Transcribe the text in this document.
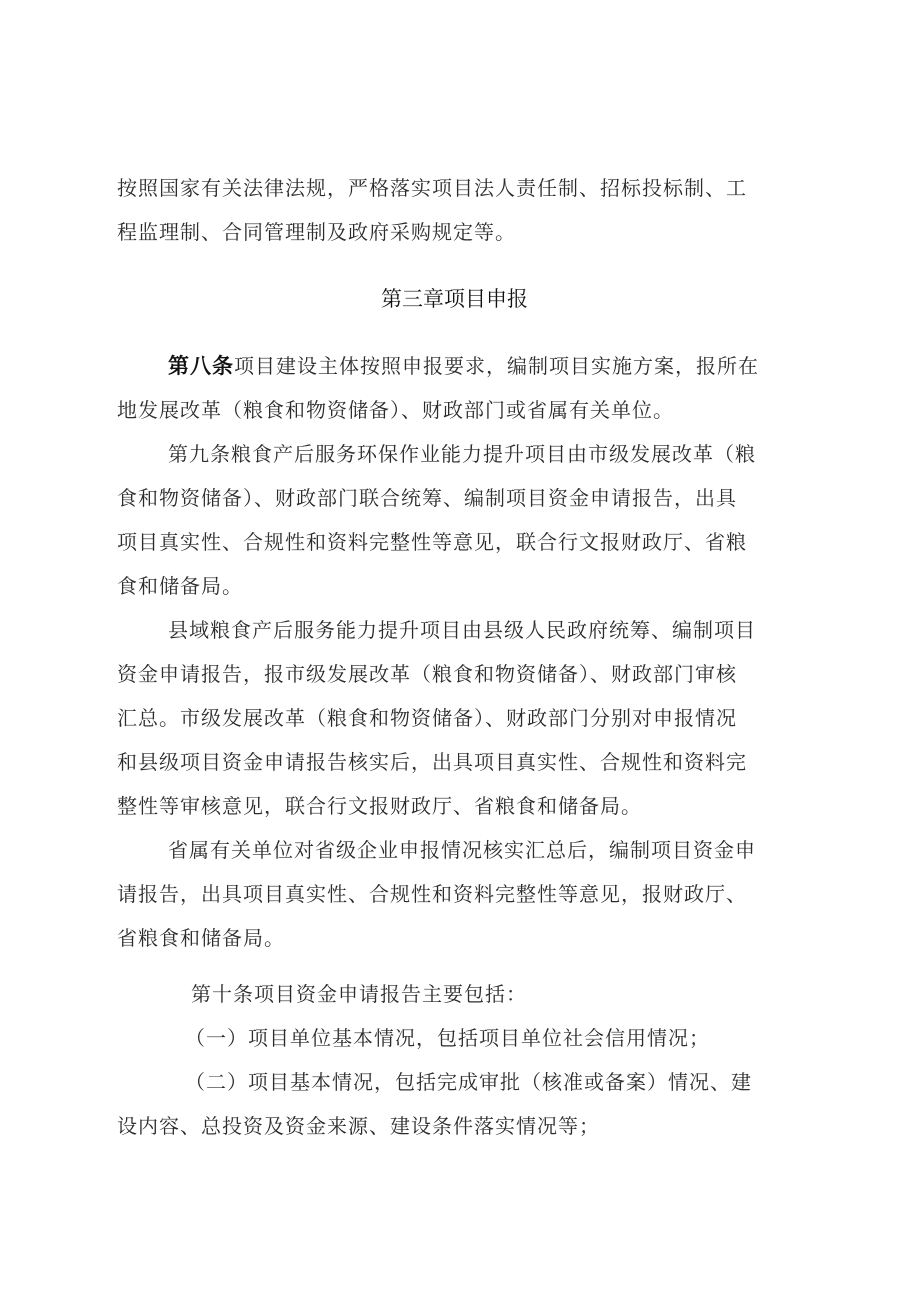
按照国家有关法律法规，严格落实项目法人责任制、招标投标制、工
程监理制、合同管理制及政府采购规定等。
第三章项目申报
第八条项目建设主体按照申报要求，编制项目实施方案，报所在
地发展改革（粮食和物资储备）、财政部门或省属有关单位。
第九条粮食产后服务环保作业能力提升项目由市级发展改革（粮
食和物资储备）、财政部门联合统筹、编制项目资金申请报告，出具
项目真实性、合规性和资料完整性等意见，联合行文报财政厅、省粮
食和储备局。
县域粮食产后服务能力提升项目由县级人民政府统筹、编制项目
资金申请报告，报市级发展改革（粮食和物资储备）、财政部门审核
汇总。市级发展改革（粮食和物资储备）、财政部门分别对申报情况
和县级项目资金申请报告核实后，出具项目真实性、合规性和资料完
整性等审核意见，联合行文报财政厅、省粮食和储备局。
省属有关单位对省级企业申报情况核实汇总后，编制项目资金申
请报告，出具项目真实性、合规性和资料完整性等意见，报财政厅、
省粮食和储备局。
第十条项目资金申请报告主要包括：
（一）项目单位基本情况，包括项目单位社会信用情况；
（二）项目基本情况，包括完成审批（核准或备案）情况、建
设内容、总投资及资金来源、建设条件落实情况等；
